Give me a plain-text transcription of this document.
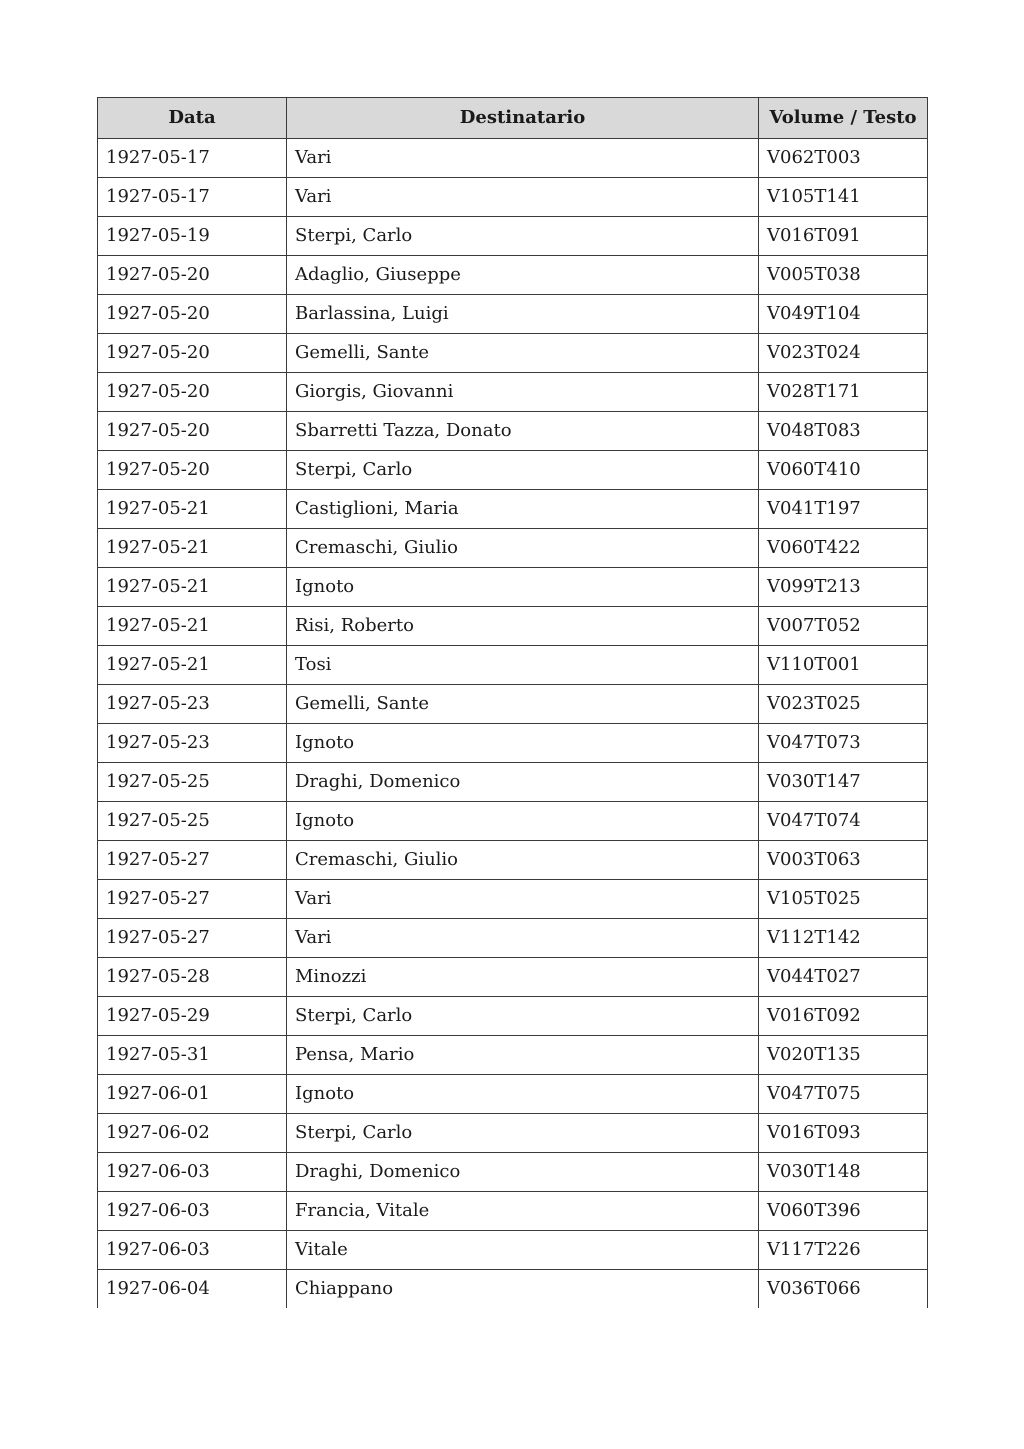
Data	Destinatario	Volume / Testo
1927-05-17	Vari	V062T003
1927-05-17	Vari	V105T141
1927-05-19	Sterpi, Carlo	V016T091
1927-05-20	Adaglio, Giuseppe	V005T038
1927-05-20	Barlassina, Luigi	V049T104
1927-05-20	Gemelli, Sante	V023T024
1927-05-20	Giorgis, Giovanni	V028T171
1927-05-20	Sbarretti Tazza, Donato	V048T083
1927-05-20	Sterpi, Carlo	V060T410
1927-05-21	Castiglioni, Maria	V041T197
1927-05-21	Cremaschi, Giulio	V060T422
1927-05-21	Ignoto	V099T213
1927-05-21	Risi, Roberto	V007T052
1927-05-21	Tosi	V110T001
1927-05-23	Gemelli, Sante	V023T025
1927-05-23	Ignoto	V047T073
1927-05-25	Draghi, Domenico	V030T147
1927-05-25	Ignoto	V047T074
1927-05-27	Cremaschi, Giulio	V003T063
1927-05-27	Vari	V105T025
1927-05-27	Vari	V112T142
1927-05-28	Minozzi	V044T027
1927-05-29	Sterpi, Carlo	V016T092
1927-05-31	Pensa, Mario	V020T135
1927-06-01	Ignoto	V047T075
1927-06-02	Sterpi, Carlo	V016T093
1927-06-03	Draghi, Domenico	V030T148
1927-06-03	Francia, Vitale	V060T396
1927-06-03	Vitale	V117T226
1927-06-04	Chiappano	V036T066
